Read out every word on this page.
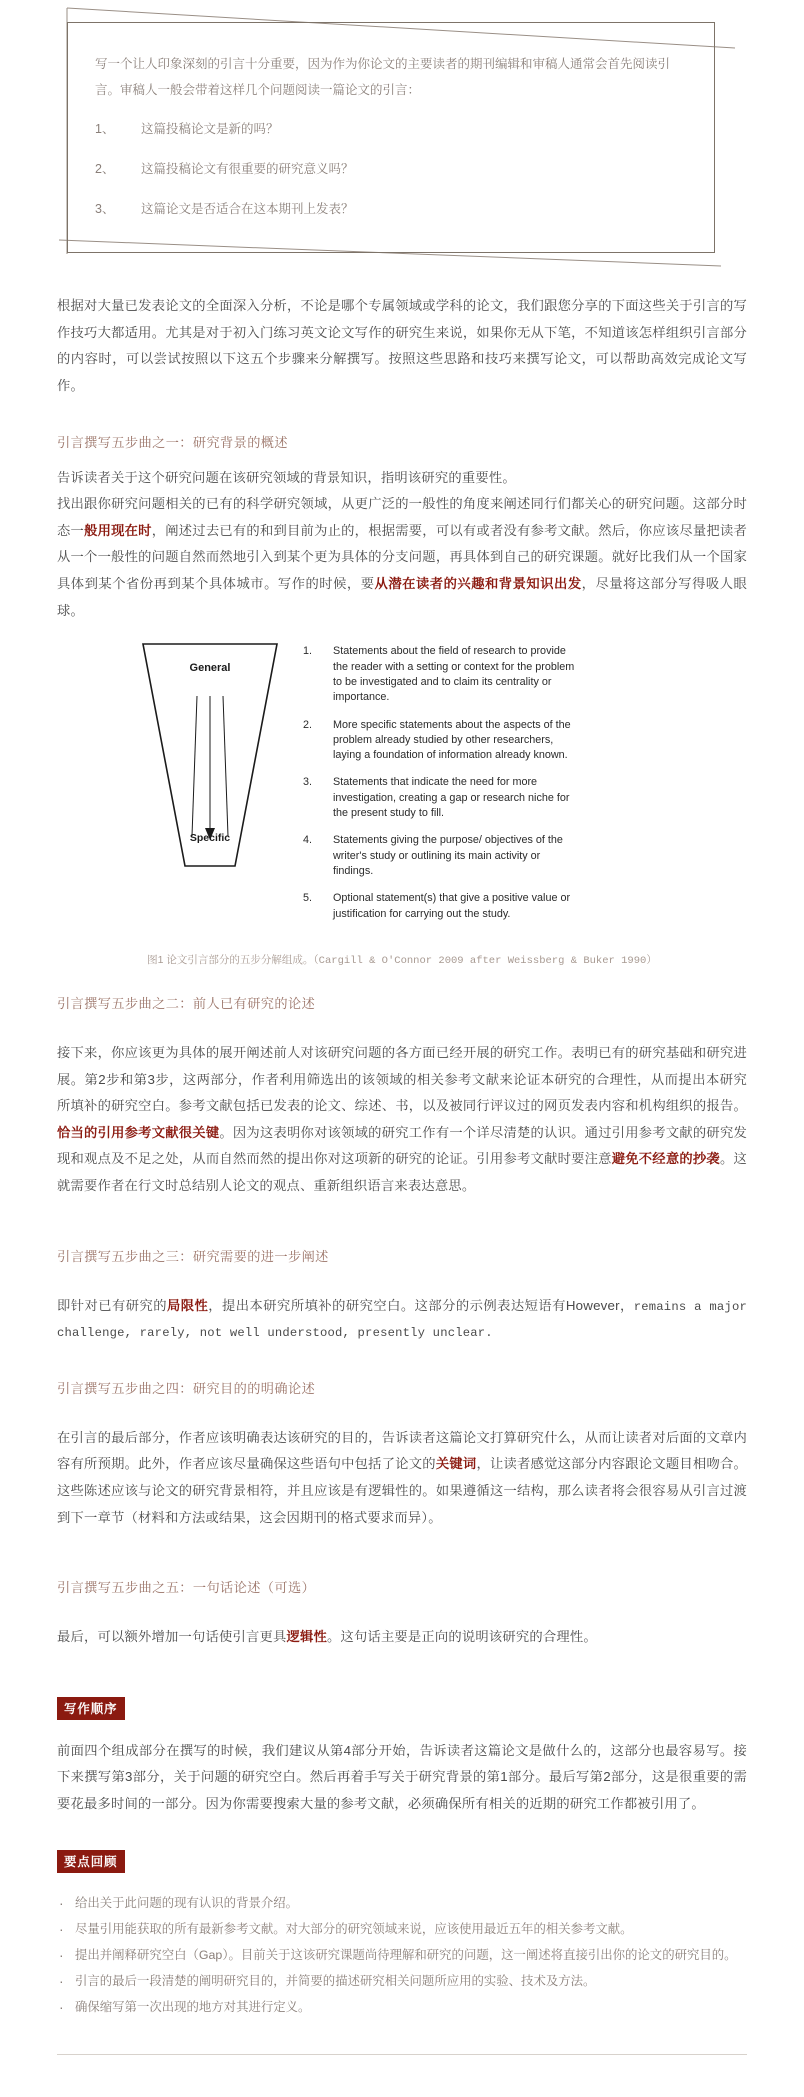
写一个让人印象深刻的引言十分重要，因为作为你论文的主要读者的期刊编辑和审稿人通常会首先阅读引言。审稿人一般会带着这样几个问题阅读一篇论文的引言：

1、	这篇投稿论文是新的吗？
2、	这篇投稿论文有很重要的研究意义吗？
3、	这篇论文是否适合在这本期刊上发表？

根据对大量已发表论文的全面深入分析，不论是哪个专属领域或学科的论文，我们跟您分享的下面这些关于引言的写作技巧大都适用。尤其是对于初入门练习英文论文写作的研究生来说，如果你无从下笔，不知道该怎样组织引言部分的内容时，可以尝试按照以下这五个步骤来分解撰写。按照这些思路和技巧来撰写论文，可以帮助高效完成论文写作。

引言撰写五步曲之一：研究背景的概述

告诉读者关于这个研究问题在该研究领域的背景知识，指明该研究的重要性。

找出跟你研究问题相关的已有的科学研究领域，从更广泛的一般性的角度来阐述同行们都关心的研究问题。这部分时态一般用现在时，阐述过去已有的和到目前为止的，根据需要，可以有或者没有参考文献。然后，你应该尽量把读者从一个一般性的问题自然而然地引入到某个更为具体的分支问题，再具体到自己的研究课题。就好比我们从一个国家具体到某个省份再到某个具体城市。写作的时候，要从潜在读者的兴趣和背景知识出发，尽量将这部分写得吸人眼球。

General
Specific
Statements about the field of research to provide the reader with a setting or context for the problem to be investigated and to claim its centrality or importance.
More specific statements about the aspects of the problem already studied by other researchers, laying a foundation of information already known.
Statements that indicate the need for more investigation, creating a gap or research niche for the present study to fill.
Statements giving the purpose/ objectives of the writer's study or outlining its main activity or findings.
Optional statement(s) that give a positive value or justification for carrying out the study.

图1 论文引言部分的五步分解组成。（Cargill & O'Connor 2009 after Weissberg & Buker 1990）

引言撰写五步曲之二：前人已有研究的论述

接下来，你应该更为具体的展开阐述前人对该研究问题的各方面已经开展的研究工作。表明已有的研究基础和研究进展。第2步和第3步，这两部分，作者利用筛选出的该领域的相关参考文献来论证本研究的合理性，从而提出本研究所填补的研究空白。参考文献包括已发表的论文、综述、书，以及被同行评议过的网页发表内容和机构组织的报告。恰当的引用参考文献很关键。因为这表明你对该领域的研究工作有一个详尽清楚的认识。通过引用参考文献的研究发现和观点及不足之处，从而自然而然的提出你对这项新的研究的论证。引用参考文献时要注意避免不经意的抄袭。这就需要作者在行文时总结别人论文的观点、重新组织语言来表达意思。

引言撰写五步曲之三：研究需要的进一步阐述

即针对已有研究的局限性，提出本研究所填补的研究空白。这部分的示例表达短语有However，remains a major challenge, rarely, not well understood, presently unclear.

引言撰写五步曲之四：研究目的的明确论述

在引言的最后部分，作者应该明确表达该研究的目的，告诉读者这篇论文打算研究什么，从而让读者对后面的文章内容有所预期。此外，作者应该尽量确保这些语句中包括了论文的关键词，让读者感觉这部分内容跟论文题目相吻合。这些陈述应该与论文的研究背景相符，并且应该是有逻辑性的。如果遵循这一结构，那么读者将会很容易从引言过渡到下一章节（材料和方法或结果，这会因期刊的格式要求而异）。

引言撰写五步曲之五：一句话论述（可选）

最后，可以额外增加一句话使引言更具逻辑性。这句话主要是正向的说明该研究的合理性。

写作顺序

前面四个组成部分在撰写的时候，我们建议从第4部分开始，告诉读者这篇论文是做什么的，这部分也最容易写。接下来撰写第3部分，关于问题的研究空白。然后再着手写关于研究背景的第1部分。最后写第2部分，这是很重要的需要花最多时间的一部分。因为你需要搜索大量的参考文献，必须确保所有相关的近期的研究工作都被引用了。

要点回顾
· 给出关于此问题的现有认识的背景介绍。
· 尽量引用能获取的所有最新参考文献。对大部分的研究领域来说，应该使用最近五年的相关参考文献。
· 提出并阐释研究空白（Gap）。目前关于这该研究课题尚待理解和研究的问题，这一阐述将直接引出你的论文的研究目的。
· 引言的最后一段清楚的阐明研究目的，并简要的描述研究相关问题所应用的实验、技术及方法。
· 确保缩写第一次出现的地方对其进行定义。
